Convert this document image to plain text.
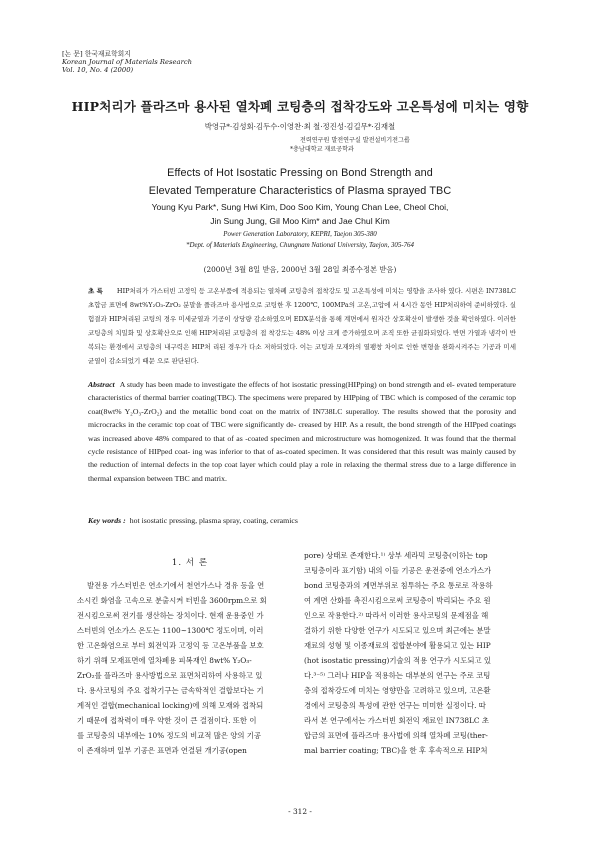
[논 문] 한국재료학회지
Korean Journal of Materials Research
Vol. 10, No. 4 (2000)
HIP처리가 플라즈마 용사된 열차폐 코팅층의 접착강도와 고온특성에 미치는 영향
박영규*·김성회·김두수·이영찬·최 철·정진성·김길무*·김재철
전력연구원 발전연구실 발전설비기전그룹
*충남대학교 재료공학과
Effects of Hot Isostatic Pressing on Bond Strength and
Elevated Temperature Characteristics of Plasma sprayed TBC
Young Kyu Park*, Sung Hwi Kim, Doo Soo Kim, Young Chan Lee, Cheol Choi,
Jin Sung Jung, Gil Moo Kim* and Jae Chul Kim
Power Generation Laboratory, KEPRI, Taejon 305-380
*Dept. of Materials Engineering, Chungnam National University, Taejon, 305-764
(2000년 3월 8일 받음, 2000년 3월 28일 최종수정본 받음)
초 록 HIP처리가 가스터빈 고정익 등 고온부품에 적용되는 열차폐 코팅층의 접착강도 및 고온특성에 미치는 영향을 조사하 였다. 시편은 IN738LC 초합금 표면에 8wt%Y₂O₃-ZrO₂ 분말을 플라즈마 용사법으로 코팅한 후 1200℃, 100MPa의 고온,고압에 서 4시간 동안 HIP처리하여 준비하였다. 실험결과 HIP처리된 코팅의 경우 미세균열과 기공이 상당량 감소하였으며 EDX분석을 통해 계면에서 원자간 상호확산이 발생한 것을 확인하였다. 이러한 코팅층의 치밀화 및 상호확산으로 인해 HIP처리된 코팅층의 접 착강도는 48% 이상 크게 증가하였으며 조직 또한 균질화되었다. 반면 가열과 냉각이 반복되는 환경에서 코팅층의 내구력은 HIP처 리된 경우가 다소 저하되었다. 이는 코팅과 모재와의 열팽창 차이로 인한 변형을 완화시켜주는 기공과 미세균열이 감소되었기 때문 으로 판단된다.
Abstract A study has been made to investigate the effects of hot isostatic pressing(HIPping) on bond strength and el- evated temperature characteristics of thermal barrier coating(TBC). The specimens were prepared by HIPping of TBC which is composed of the ceramic top coat(8wt% Y₂O₃-ZrO₂) and the metallic bond coat on the matrix of IN738LC superalloy. The results showed that the porosity and microcracks in the ceramic top coat of TBC were significantly de- creased by HIP. As a result, the bond strength of the HIPped coatings was increased above 48% compared to that of as -coated specimen and microstructure was homogenized. It was found that the thermal cycle resistance of HIPped coat- ing was inferior to that of as-coated specimen. It was considered that this result was mainly caused by the reduction of internal defects in the top coat layer which could play a role in relaxing the thermal stress due to a large difference in thermal expansion between TBC and matrix.
Key words : hot isostatic pressing, plasma spray, coating, ceramics
1. 서 론
발전용 가스터빈은 연소기에서 천연가스나 경유 등을 연
소시킨 화염을 고속으로 분출시켜 터빈을 3600rpm으로 회
전시킴으로써 전기를 생산하는 장치이다. 현재 운용중인 가
스터빈의 연소가스 온도는 1100~1300℃ 정도이며, 이러
한 고온화염으로 부터 회전익과 고정익 등 고온부품을 보호
하기 위해 모재표면에 열차폐용 피복재인 8wt% Y₂O₃-
ZrO₂를 플라즈마 용사방법으로 표면처리하여 사용하고 있
다. 용사코팅의 주요 접착기구는 금속학적인 결합보다는 기
계적인 결합(mechanical locking)에 의해 모재와 접착되
기 때문에 접착력이 매우 약한 것이 큰 결점이다. 또한 이
를 코팅층의 내부에는 10% 정도의 비교적 많은 양의 기공
이 존재하며 일부 기공은 표면과 연결된 개기공(open
pore) 상태로 존재한다.¹⁾ 상부 세라믹 코팅층(이하는 top
코팅층이라 표기함) 내의 이들 기공은 운전중에 연소가스가
bond 코팅층과의 계면부위로 침투하는 주요 통로로 작용하
여 계면 산화를 촉진시킴으로써 코팅층이 박리되는 주요 원
인으로 작용한다.²⁾ 따라서 이러한 용사코팅의 문제점을 해
결하기 위한 다양한 연구가 시도되고 있으며 최근에는 분말
재료의 성형 및 이종재료의 접합분야에 활용되고 있는 HIP
(hot isostatic pressing)기술의 적용 연구가 시도되고 있
다.³⁻⁵⁾ 그러나 HIP을 적용하는 대부분의 연구는 주로 코팅
층의 접착강도에 미치는 영향만을 고려하고 있으며, 고온환
경에서 코팅층의 특성에 관한 연구는 미미한 실정이다. 따
라서 본 연구에서는 가스터빈 회전익 재료인 IN738LC 초
합금의 표면에 플라즈마 용사법에 의해 열차폐 코팅(ther-
mal barrier coating; TBC)을 한 후 후속적으로 HIP처
- 312 -
